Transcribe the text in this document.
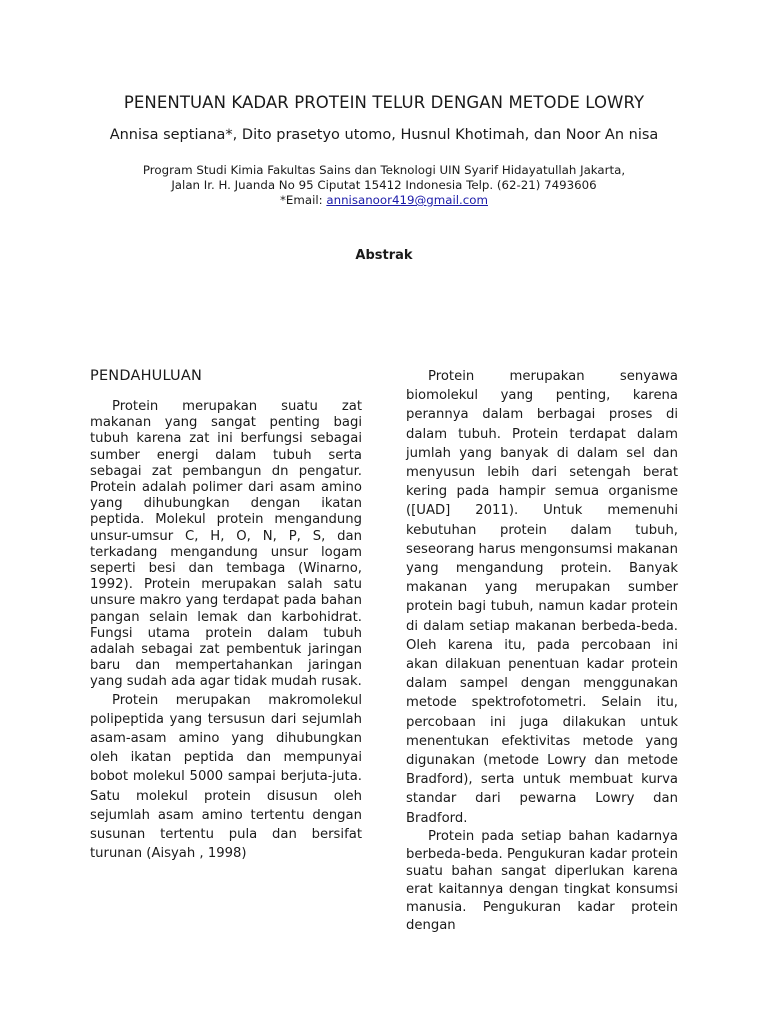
PENENTUAN KADAR PROTEIN TELUR DENGAN METODE LOWRY
Annisa septiana*, Dito prasetyo utomo, Husnul Khotimah, dan Noor An nisa
Program Studi Kimia Fakultas Sains dan Teknologi UIN Syarif Hidayatullah Jakarta,
Jalan Ir. H. Juanda No 95 Ciputat 15412 Indonesia Telp. (62-21) 7493606
*Email: annisanoor419@gmail.com
Abstrak
PENDAHULUAN

Protein merupakan suatu zat makanan yang sangat penting bagi tubuh karena zat ini berfungsi sebagai sumber energi dalam tubuh serta sebagai zat pembangun dn pengatur. Protein adalah polimer dari asam amino yang dihubungkan dengan ikatan peptida. Molekul protein mengandung unsur-umsur C, H, O, N, P, S, dan terkadang mengandung unsur logam seperti besi dan tembaga (Winarno, 1992). Protein merupakan salah satu unsure makro yang terdapat pada bahan pangan selain lemak dan karbohidrat. Fungsi utama protein dalam tubuh adalah sebagai zat pembentuk jaringan baru dan mempertahankan jaringan yang sudah ada agar tidak mudah rusak.

Protein merupakan makromolekul polipeptida yang tersusun dari sejumlah asam-asam amino yang dihubungkan oleh ikatan peptida dan mempunyai bobot molekul 5000 sampai berjuta-juta. Satu molekul protein disusun oleh sejumlah asam amino tertentu dengan susunan tertentu pula dan bersifat turunan (Aisyah , 1998)

Protein merupakan senyawa biomolekul yang penting, karena perannya dalam berbagai proses di dalam tubuh. Protein terdapat dalam jumlah yang banyak di dalam sel dan menyusun lebih dari setengah berat kering pada hampir semua organisme ([UAD] 2011). Untuk memenuhi kebutuhan protein dalam tubuh, seseorang harus mengonsumsi makanan yang mengandung protein. Banyak makanan yang merupakan sumber protein bagi tubuh, namun kadar protein di dalam setiap makanan berbeda-beda. Oleh karena itu, pada percobaan ini akan dilakuan penentuan kadar protein dalam sampel dengan menggunakan metode spektrofotometri. Selain itu, percobaan ini juga dilakukan untuk menentukan efektivitas metode yang digunakan (metode Lowry dan metode Bradford), serta untuk membuat kurva standar dari pewarna Lowry dan Bradford.

Protein pada setiap bahan kadarnya berbeda-beda. Pengukuran kadar protein suatu bahan sangat diperlukan karena erat kaitannya dengan tingkat konsumsi manusia. Pengukuran kadar protein dengan
